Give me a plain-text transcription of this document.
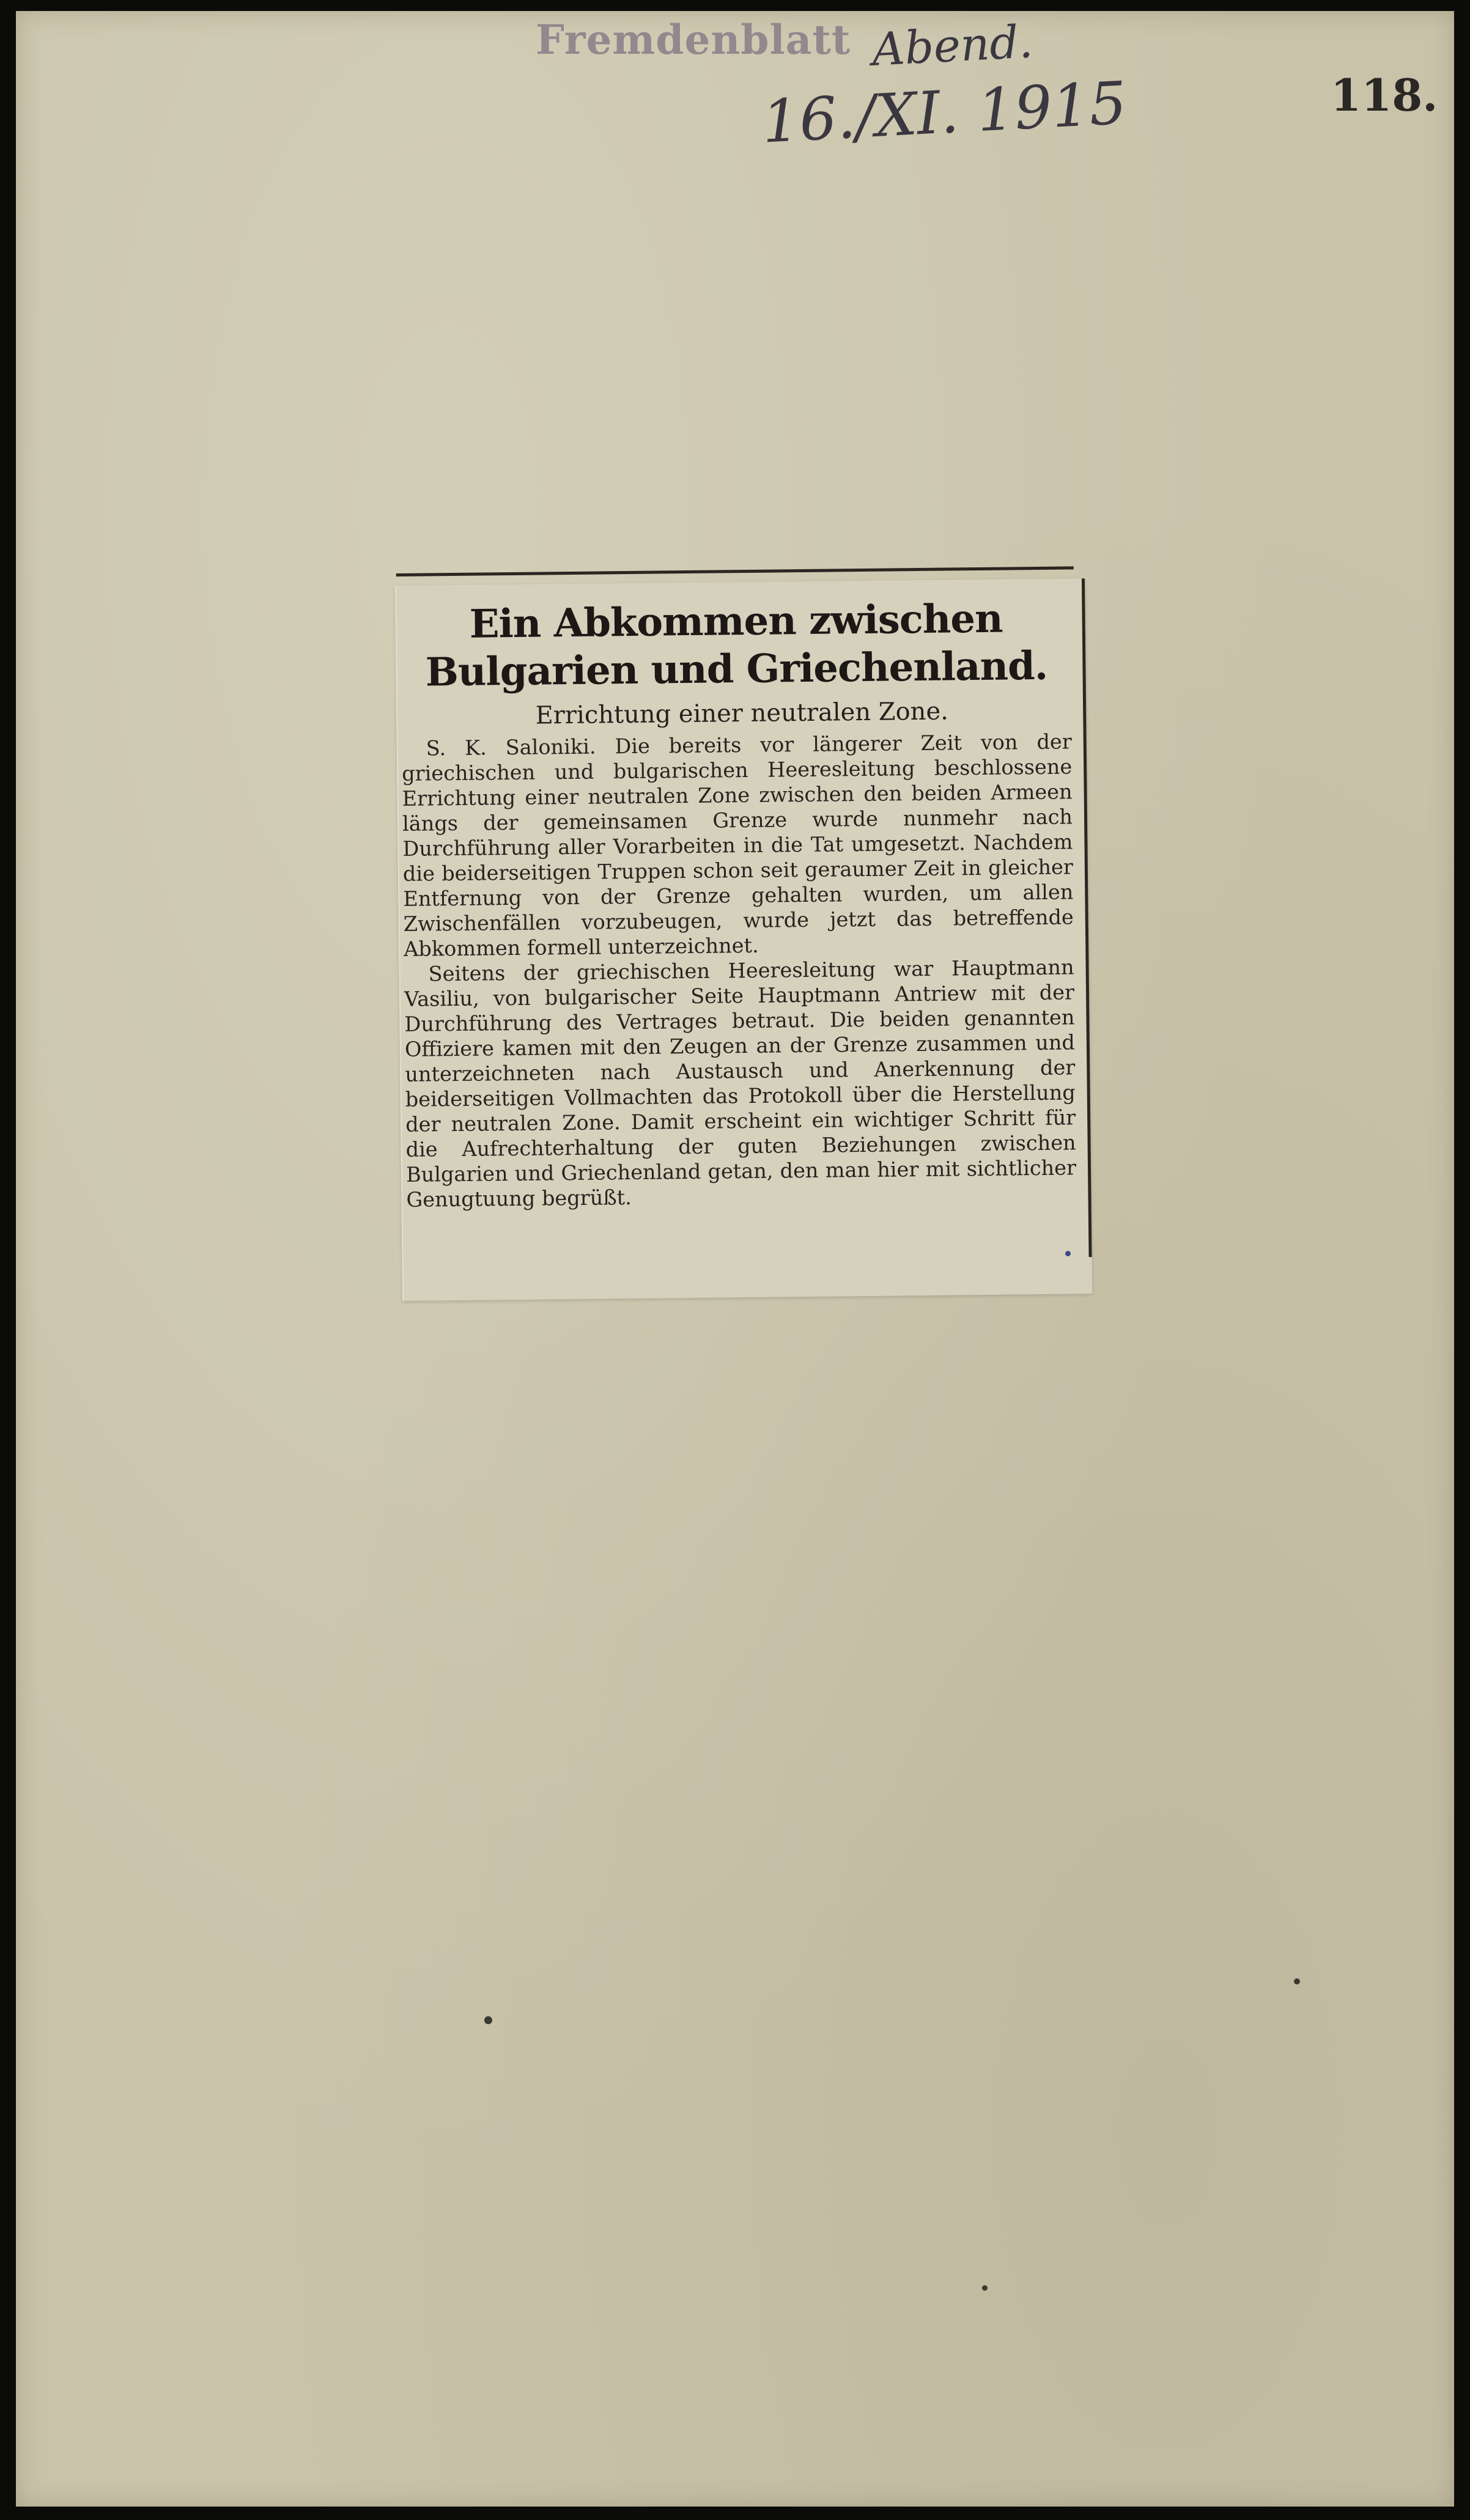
Fremdenblatt Abend.
16./XI. 1915	118.
Ein Abkommen zwischen Bulgarien und Griechenland.
Errichtung einer neutralen Zone.

S. K. Saloniki. Die bereits vor längerer Zeit von der griechischen und bulgarischen Heeresleitung beschlossene Errichtung einer neutralen Zone zwischen den beiden Armeen längs der gemeinsamen Grenze wurde nunmehr nach Durchführung aller Vorarbeiten in die Tat umgesetzt. Nachdem die beiderseitigen Truppen schon seit geraumer Zeit in gleicher Entfernung von der Grenze gehalten wurden, um allen Zwischenfällen vorzubeugen, wurde jetzt das betreffende Abkommen formell unterzeichnet.

Seitens der griechischen Heeresleitung war Hauptmann Vasiliu, von bulgarischer Seite Hauptmann Antriew mit der Durchführung des Vertrages betraut. Die beiden genannten Offiziere kamen mit den Zeugen an der Grenze zusammen und unterzeichneten nach Austausch und Anerkennung der beiderseitigen Vollmachten das Protokoll über die Herstellung der neutralen Zone. Damit erscheint ein wichtiger Schritt für die Aufrechterhaltung der guten Beziehungen zwischen Bulgarien und Griechenland getan, den man hier mit sichtlicher Genugtuung begrüßt.
